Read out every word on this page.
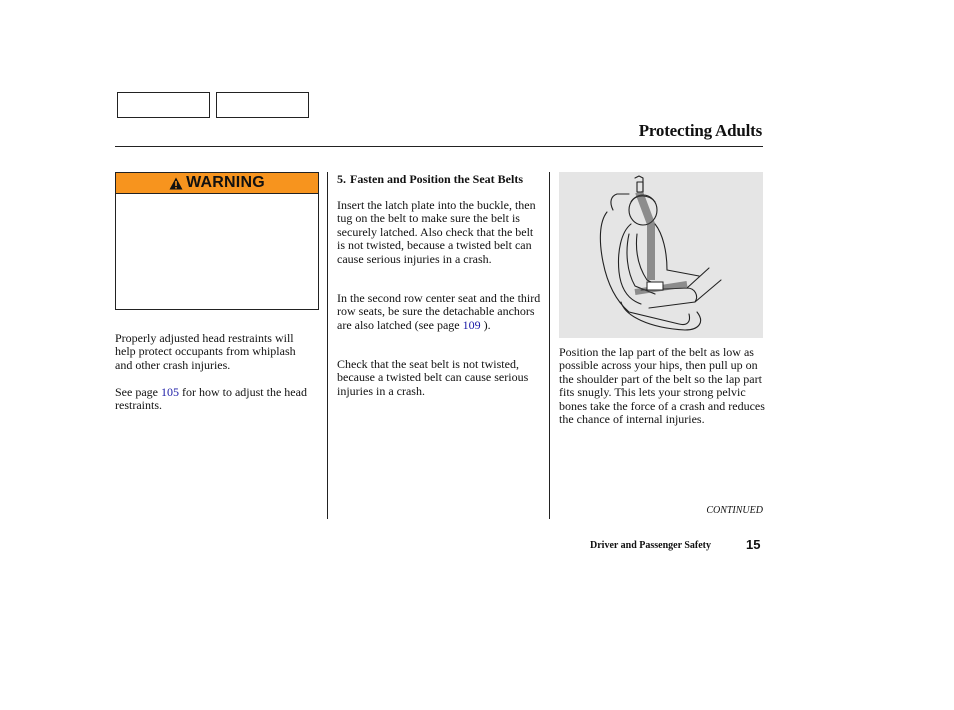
Protecting Adults
WARNING

Properly adjusted head restraints will help protect occupants from whiplash and other crash injuries.

See page 105 for how to adjust the head restraints.

5. Fasten and Position the Seat Belts

Insert the latch plate into the buckle, then tug on the belt to make sure the belt is securely latched. Also check that the belt is not twisted, because a twisted belt can cause serious injuries in a crash.

In the second row center seat and the third row seats, be sure the detachable anchors are also latched (see page 109 ).

Check that the seat belt is not twisted, because a twisted belt can cause serious injuries in a crash.

Position the lap part of the belt as low as possible across your hips, then pull up on the shoulder part of the belt so the lap part fits snugly. This lets your strong pelvic bones take the force of a crash and reduces the chance of internal injuries.

CONTINUED
Driver and Passenger Safety	15
